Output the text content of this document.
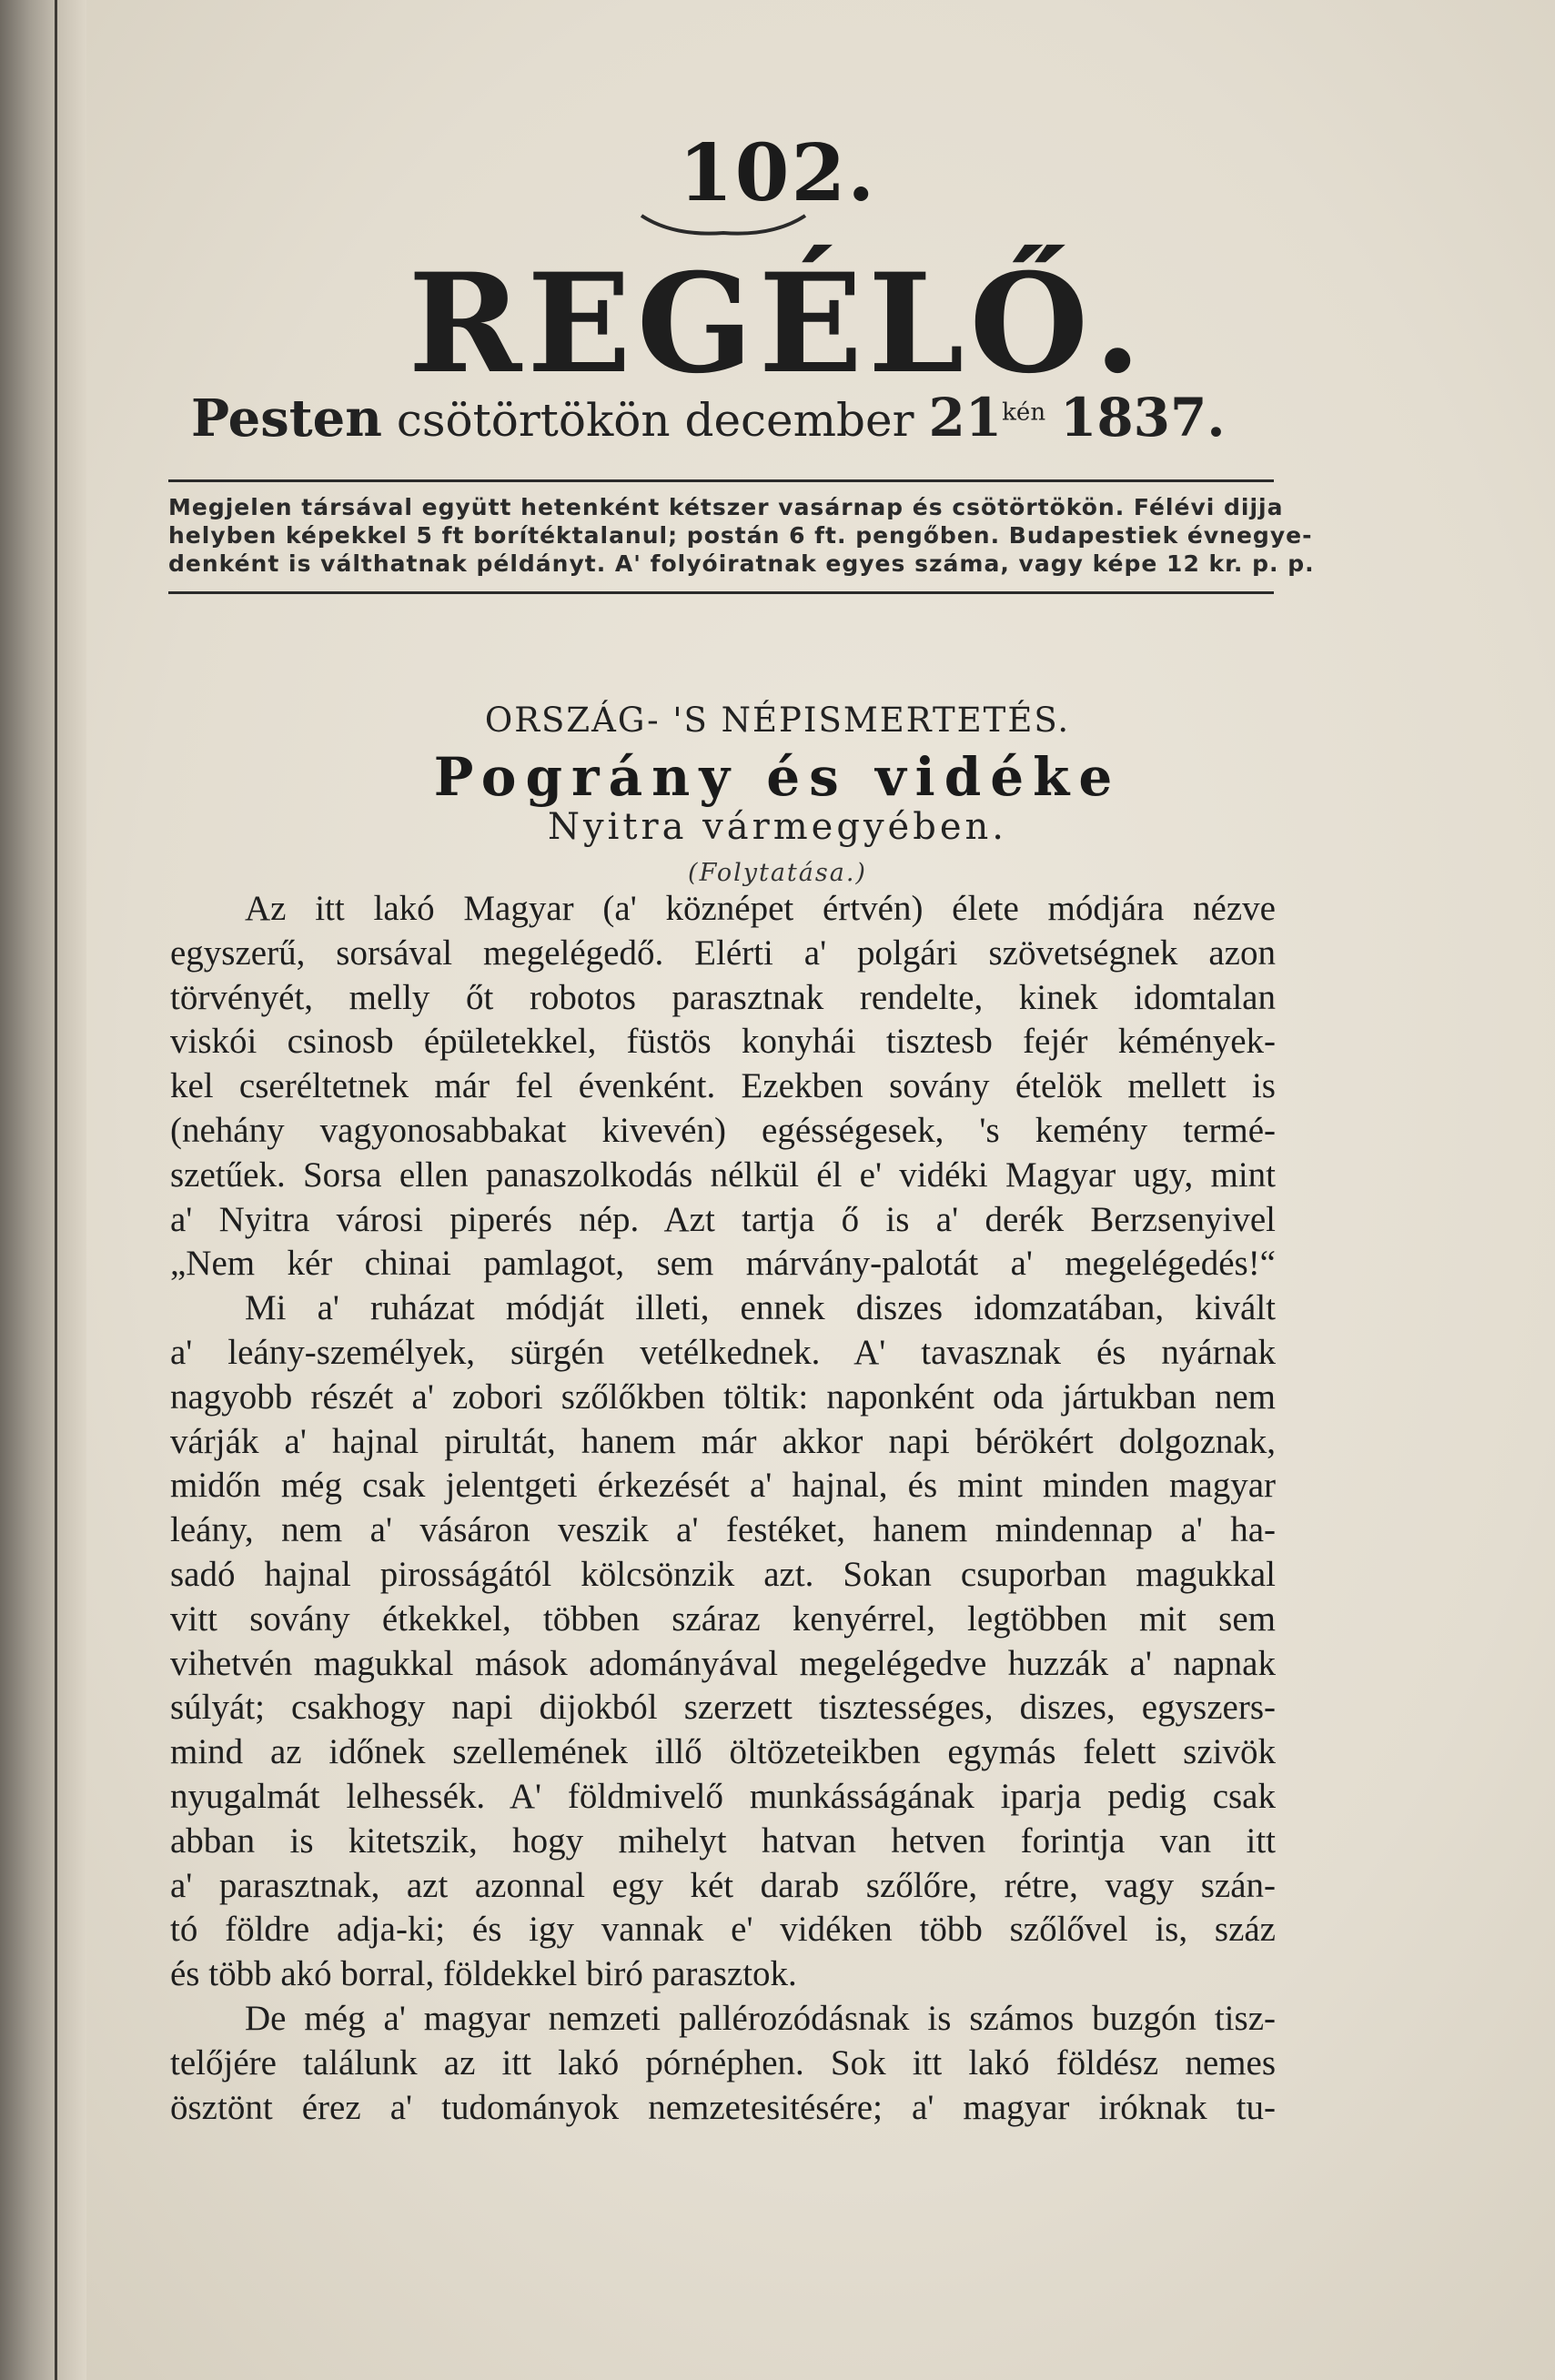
102.
REGÉLŐ.
Pesten csötörtökön december $21^{kén}$ 1837.
Megjelen társával együtt hetenként kétszer vasárnap és csötörtökön. Félévi dijja
helyben képekkel 5 ft borítéktalanul; postán 6 ft. pengőben. Budapestiek évnegye-
denként is válthatnak példányt. A' folyóiratnak egyes száma, vagy képe 12 kr. p. p.
ORSZÁG- 'S NÉPISMERTETÉS.
Pográny és vidéke
Nyitra vármegyében.
(Folytatása.)
Az itt lakó Magyar (a' köznépet értvén) élete módjára nézve
egyszerű, sorsával megelégedő. Elérti a' polgári szövetségnek azon
törvényét, melly őt robotos parasztnak rendelte, kinek idomtalan
viskói csinosb épületekkel, füstös konyhái tisztesb fejér kémények-
kel cseréltetnek már fel évenként. Ezekben sovány ételök mellett is
(nehány vagyonosabbakat kivevén) egésségesek, 's kemény termé-
szetűek. Sorsa ellen panaszolkodás nélkül él e' vidéki Magyar ugy, mint
a' Nyitra városi piperés nép. Azt tartja ő is a' derék Berzsenyivel
„Nem kér chinai pamlagot, sem márvány-palotát a' megelégedés!“
Mi a' ruházat módját illeti, ennek diszes idomzatában, kivált
a' leány-személyek, sürgén vetélkednek. A' tavasznak és nyárnak
nagyobb részét a' zobori szőlőkben töltik: naponként oda jártukban nem
várják a' hajnal pirultát, hanem már akkor napi bérökért dolgoznak,
midőn még csak jelentgeti érkezését a' hajnal, és mint minden magyar
leány, nem a' vásáron veszik a' festéket, hanem mindennap a' ha-
sadó hajnal pirosságától kölcsönzik azt. Sokan csuporban magukkal
vitt sovány étkekkel, többen száraz kenyérrel, legtöbben mit sem
vihetvén magukkal mások adományával megelégedve huzzák a' napnak
súlyát; csakhogy napi dijokból szerzett tisztességes, diszes, egyszers-
mind az időnek szellemének illő öltözeteikben egymás felett szivök
nyugalmát lelhessék. A' földmivelő munkásságának iparja pedig csak
abban is kitetszik, hogy mihelyt hatvan hetven forintja van itt
a' parasztnak, azt azonnal egy két darab szőlőre, rétre, vagy szán-
tó földre adja-ki; és igy vannak e' vidéken több szőlővel is, száz
és több akó borral, földekkel biró parasztok.
De még a' magyar nemzeti pallérozódásnak is számos buzgón tisz-
telőjére találunk az itt lakó pórnéphen. Sok itt lakó földész nemes
ösztönt érez a' tudományok nemzetesitésére; a' magyar iróknak tu-
